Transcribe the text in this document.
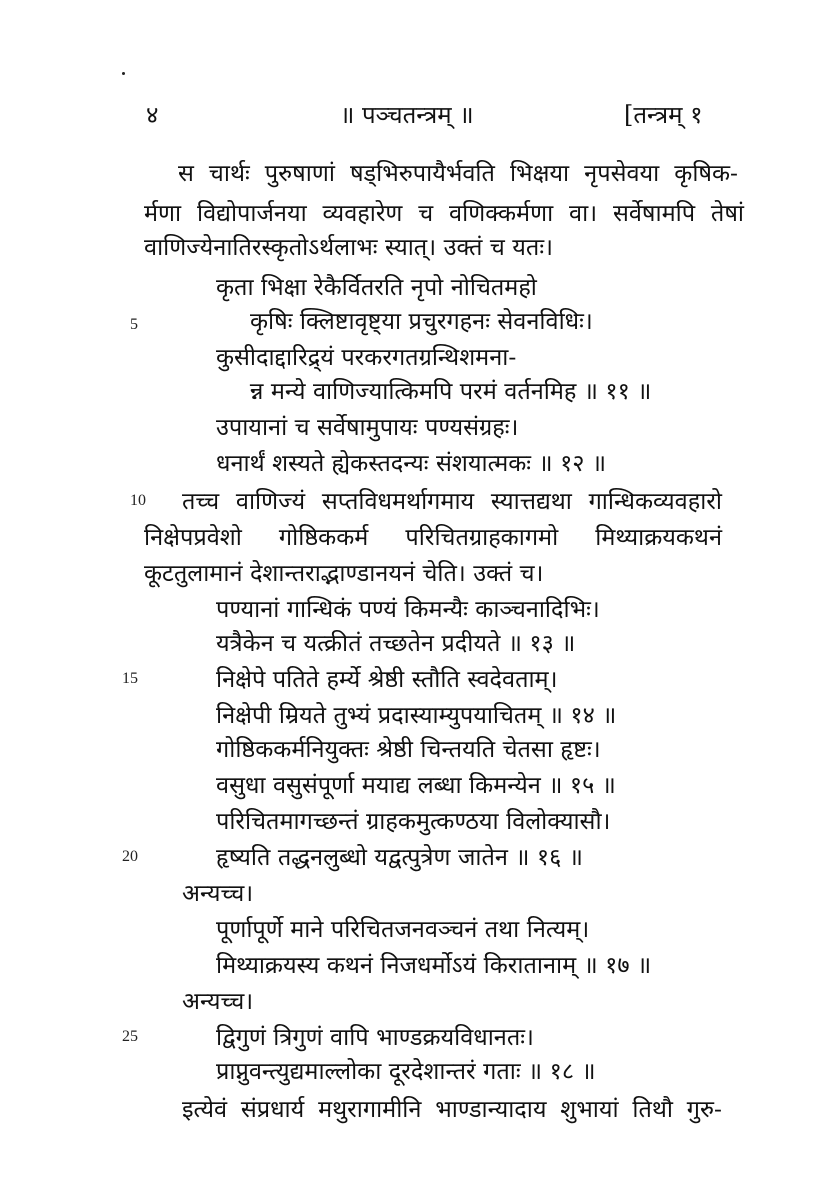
४	॥ पञ्चतन्त्रम् ॥	[तन्त्रम् १
स चार्थः पुरुषाणां षड्भिरुपायैर्भवति भिक्षया नृपसेवया कृषिक-
र्मणा विद्योपार्जनया व्यवहारेण च वणिक्कर्मणा वा। सर्वेषामपि तेषां
वाणिज्येनातिरस्कृतोऽर्थलाभः स्यात्। उक्तं च यतः।
कृता भिक्षा रेकैर्वितरति नृपो नोचितमहो
5	कृषिः क्लिष्टावृष्ट्या प्रचुरगहनः सेवनविधिः।
कुसीदाद्दारिद्र्यं परकरगतग्रन्थिशमना-
न्न मन्ये वाणिज्यात्किमपि परमं वर्तनमिह ॥ ११ ॥
उपायानां च सर्वेषामुपायः पण्यसंग्रहः।
धनार्थं शस्यते ह्येकस्तदन्यः संशयात्मकः ॥ १२ ॥
10 तच्च वाणिज्यं सप्तविधमर्थागमाय स्यात्तद्यथा गान्धिकव्यवहारो
निक्षेपप्रवेशो गोष्ठिककर्म परिचितग्राहकागमो मिथ्याक्रयकथनं
कूटतुलामानं देशान्तराद्भाण्डानयनं चेति। उक्तं च।
पण्यानां गान्धिकं पण्यं किमन्यैः काञ्चनादिभिः।
यत्रैकेन च यत्क्रीतं तच्छतेन प्रदीयते ॥ १३ ॥
15	निक्षेपे पतिते हर्म्ये श्रेष्ठी स्तौति स्वदेवताम्।
निक्षेपी म्रियते तुभ्यं प्रदास्याम्युपयाचितम् ॥ १४ ॥
गोष्ठिककर्मनियुक्तः श्रेष्ठी चिन्तयति चेतसा हृष्टः।
वसुधा वसुसंपूर्णा मयाद्य लब्धा किमन्येन ॥ १५ ॥
परिचितमागच्छन्तं ग्राहकमुत्कण्ठया विलोक्यासौ।
20	हृष्यति तद्धनलुब्धो यद्वत्पुत्रेण जातेन ॥ १६ ॥
अन्यच्च।
पूर्णापूर्णे माने परिचितजनवञ्चनं तथा नित्यम्।
मिथ्याक्रयस्य कथनं निजधर्मोऽयं किरातानाम् ॥ १७ ॥
अन्यच्च।
25	द्विगुणं त्रिगुणं वापि भाण्डक्रयविधानतः।
प्राप्नुवन्त्युद्यमाल्लोका दूरदेशान्तरं गताः ॥ १८ ॥
इत्येवं संप्रधार्य मथुरागामीनि भाण्डान्यादाय शुभायां तिथौ गुरु-
